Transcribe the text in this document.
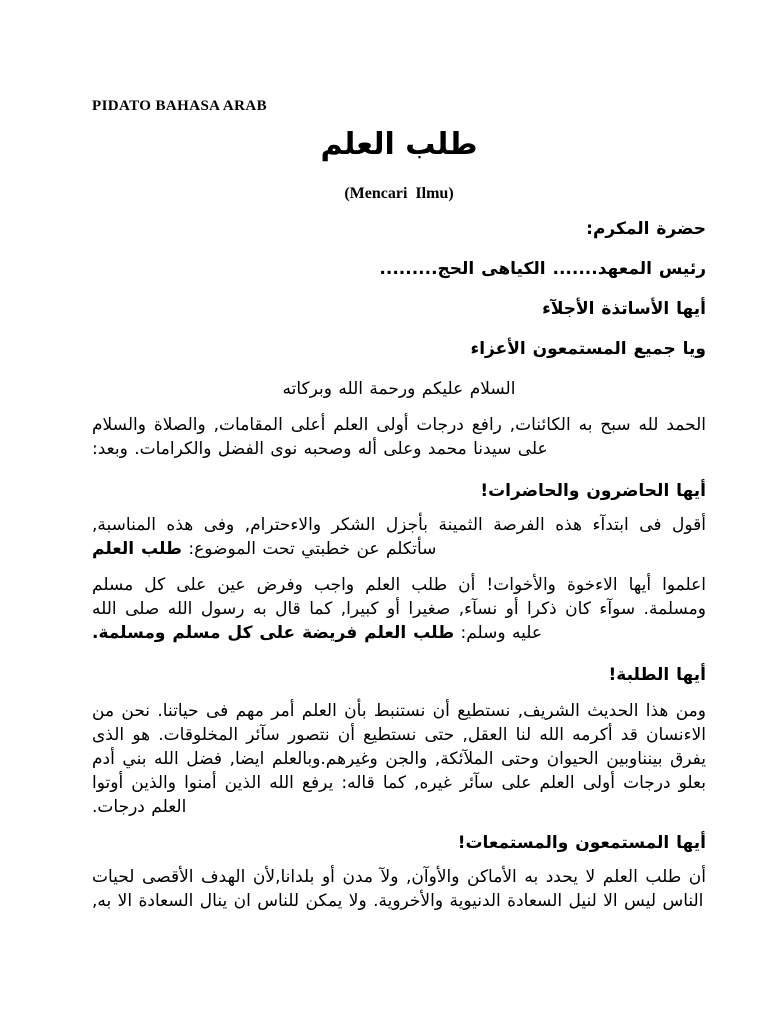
PIDATO BAHASA ARAB
طلب العلم
(Mencari  Ilmu)

حضرة المكرم:

رئيس المعهد....... الكياهى الحج.........

أيها الأساتذة الأجلآء

ويا جميع المستمعون الأعزاء

السلام عليكم ورحمة الله وبركاته

الحمد لله سبح به الكائنات, رافع درجات أولى العلم أعلى المقامات, والصلاة والسلام على سيدنا محمد وعلى أله وصحبه نوى الفضل والكرامات. وبعد:

أيها الحاضرون والحاضرات!

أقول فى ابتدآء هذه الفرصة الثمينة بأجزل الشكر والاءحترام, وفى هذه المناسبة, سأتكلم عن خطبتي تحت الموضوع: طلب العلم

اعلموا أيها الاءخوة والأخوات! أن طلب العلم واجب وفرض عين على كل مسلم ومسلمة. سوآء كان ذكرا أو نسآء, صغيرا أو كبيرا, كما قال به رسول الله صلى الله عليه وسلم: طلب العلم فريضة على كل مسلم ومسلمة.

أيها الطلبة!

ومن هذا الحديث الشريف, نستطيع أن نستنبط بأن العلم أمر مهم فى حياتنا. نحن من الاءنسان قد أكرمه الله لنا العقل, حتى نستطيع أن نتصور سآئر المخلوقات. هو الذى يفرق بينناوبين الحيوان وحتى الملآئكة, والجن وغيرهم.وبالعلم ايضا, فضل الله بني أدم بعلو درجات أولى العلم على سآئر غيره, كما قاله: يرفع الله الذين أمنوا والذين أوتوا العلم درجات.

أيها المستمعون والمستمعات!

أن طلب العلم لا يحدد به الأماكن والأوآن, ولآ مدن أو بلدانا,لأن الهدف الأقصى لحيات الناس ليس الا لنيل السعادة الدنيوية والأخروية. ولا يمكن للناس ان ينال السعادة الا به,
